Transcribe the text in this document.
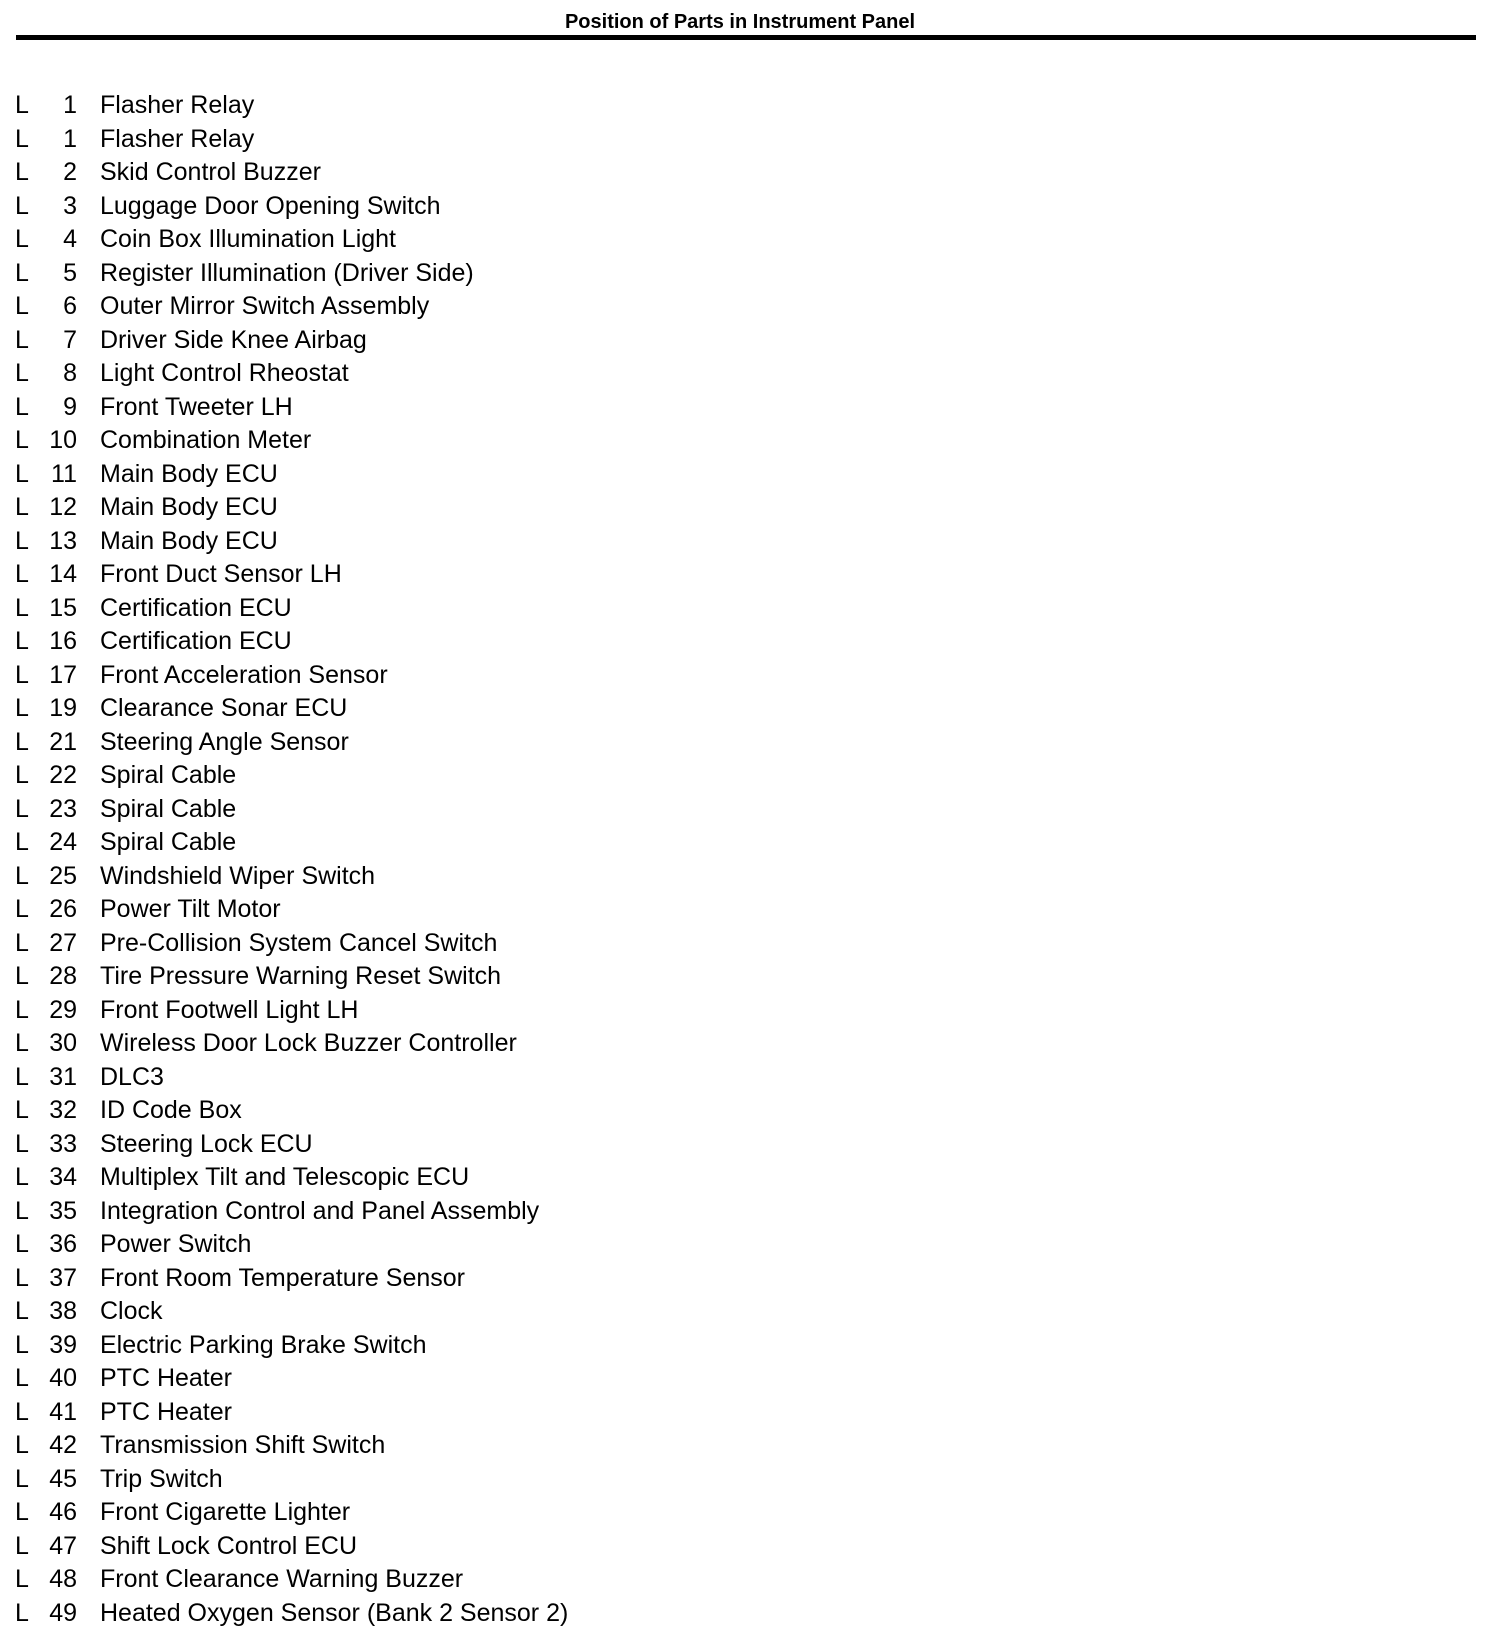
Position of Parts in Instrument Panel
L	1 Flasher Relay
L	1 Flasher Relay
L	2 Skid Control Buzzer
L	3 Luggage Door Opening Switch
L	4 Coin Box Illumination Light
L	5 Register Illumination (Driver Side)
L	6 Outer Mirror Switch Assembly
L	7 Driver Side Knee Airbag
L	8 Light Control Rheostat
L	9 Front Tweeter LH
L 10 Combination Meter
L 11 Main Body ECU
L 12 Main Body ECU
L 13 Main Body ECU
L 14 Front Duct Sensor LH
L 15 Certification ECU
L 16 Certification ECU
L 17 Front Acceleration Sensor
L 19 Clearance Sonar ECU
L 21 Steering Angle Sensor
L 22 Spiral Cable
L 23 Spiral Cable
L 24 Spiral Cable
L 25 Windshield Wiper Switch
L 26 Power Tilt Motor
L 27 Pre-Collision System Cancel Switch
L 28 Tire Pressure Warning Reset Switch
L 29 Front Footwell Light LH
L 30 Wireless Door Lock Buzzer Controller
L 31 DLC3
L 32 ID Code Box
L 33 Steering Lock ECU
L 34 Multiplex Tilt and Telescopic ECU
L 35 Integration Control and Panel Assembly
L 36 Power Switch
L 37 Front Room Temperature Sensor
L 38 Clock
L 39 Electric Parking Brake Switch
L 40 PTC Heater
L 41 PTC Heater
L 42 Transmission Shift Switch
L 45 Trip Switch
L 46 Front Cigarette Lighter
L 47 Shift Lock Control ECU
L 48 Front Clearance Warning Buzzer
L 49 Heated Oxygen Sensor (Bank 2 Sensor 2)
